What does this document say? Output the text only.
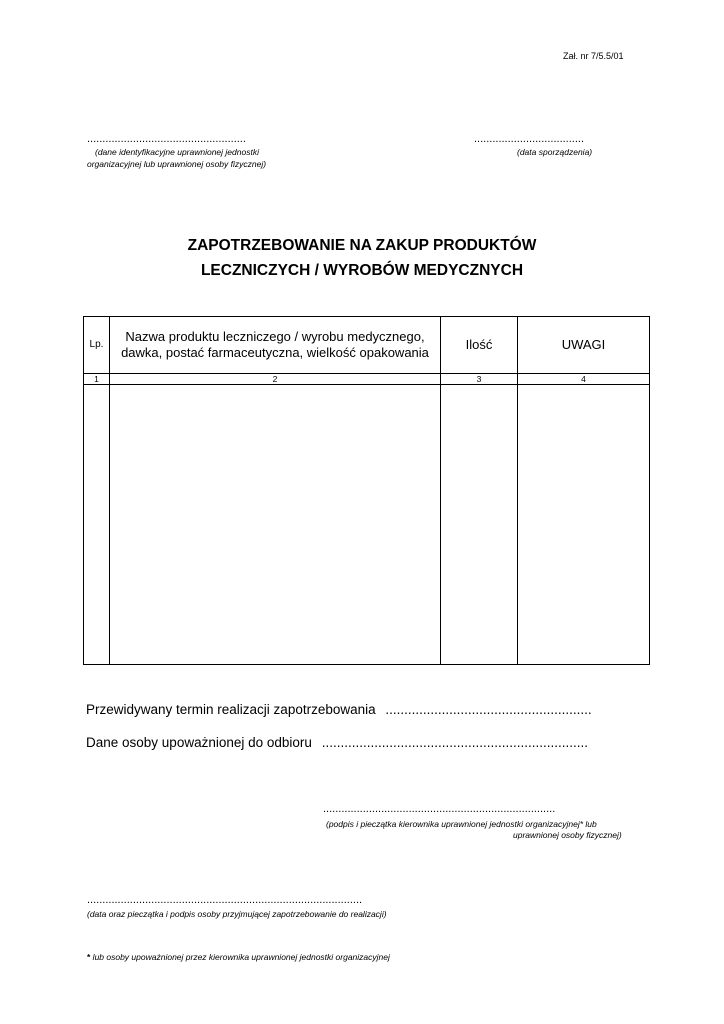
Zał. nr 7/5.5/01
....................................................
(dane identyfikacyjne uprawnionej jednostki
organizacyjnej lub uprawnionej osoby fizycznej)
....................................
(data sporządzenia)
ZAPOTRZEBOWANIE NA ZAKUP PRODUKTÓW
LECZNICZYCH / WYROBÓW MEDYCZNYCH
Lp.	Nazwa produktu leczniczego / wyrobu medycznego,
dawka, postać farmaceutyczna, wielkość opakowania	Ilość	UWAGI
1	2	3	4

Przewidywany termin realizacji zapotrzebowania .......................................................
Dane osoby upoważnionej do odbioru .......................................................................
............................................................................
(podpis i pieczątka kierownika uprawnionej jednostki organizacyjnej* lub
uprawnionej osoby fizycznej)
..........................................................................................
(data oraz pieczątka i podpis osoby przyjmującej zapotrzebowanie do realizacji)
* lub osoby upoważnionej przez kierownika uprawnionej jednostki organizacyjnej
